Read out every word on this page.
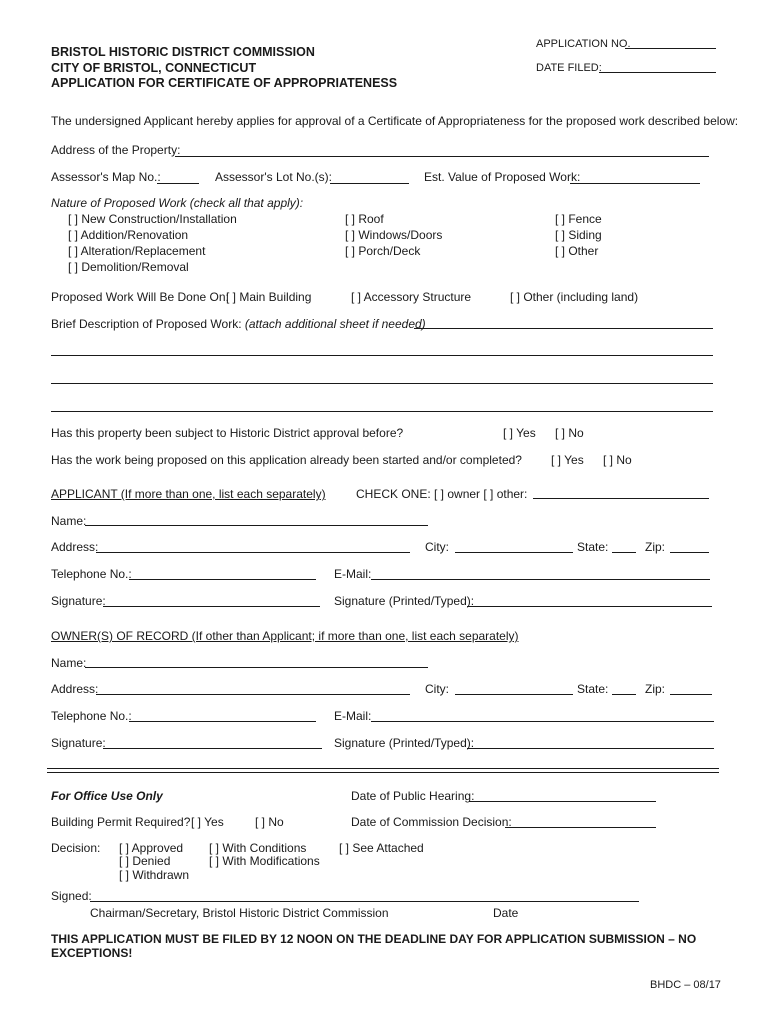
APPLICATION NO.
DATE FILED:
BRISTOL HISTORIC DISTRICT COMMISSION
CITY OF BRISTOL, CONNECTICUT
APPLICATION FOR CERTIFICATE OF APPROPRIATENESS
The undersigned Applicant hereby applies for approval of a Certificate of Appropriateness for the proposed work described below:
Address of the Property:
Assessor's Map No.:	Assessor's Lot No.(s):	Est. Value of Proposed Work:
Nature of Proposed Work (check all that apply):
[ ] New Construction/Installation
[ ] Addition/Renovation
[ ] Alteration/Replacement
[ ] Demolition/Removal
[ ] Roof
[ ] Windows/Doors
[ ] Porch/Deck
[ ] Fence
[ ] Siding
[ ] Other
Proposed Work Will Be Done On:
[ ] Main Building	[ ] Accessory Structure	[ ] Other (including land)
Brief Description of Proposed Work: (attach additional sheet if needed)
Has this property been subject to Historic District approval before?	[ ] Yes [ ] No
Has the work being proposed on this application already been started and/or completed? [ ] Yes [ ] No
APPLICANT (If more than one, list each separately)	CHECK ONE: [ ] owner [ ] other:
Name:
Address:	City:	State:	Zip:
Telephone No.:	E-Mail:
Signature:	Signature (Printed/Typed):
OWNER(S) OF RECORD (If other than Applicant; if more than one, list each separately)
Name:
Address:	City:	State:	Zip:
Telephone No.:	E-Mail:
Signature:	Signature (Printed/Typed):
For Office Use Only	Date of Public Hearing:
Building Permit Required? [ ] Yes	[ ] No	Date of Commission Decision:
Decision: [ ] Approved
[ ] Denied
[ ] Withdrawn
[ ] With Conditions
[ ] With Modifications
[ ] See Attached
Signed:
Chairman/Secretary, Bristol Historic District Commission	Date
THIS APPLICATION MUST BE FILED BY 12 NOON ON THE DEADLINE DAY FOR APPLICATION SUBMISSION – NO
EXCEPTIONS!
BHDC – 08/17
